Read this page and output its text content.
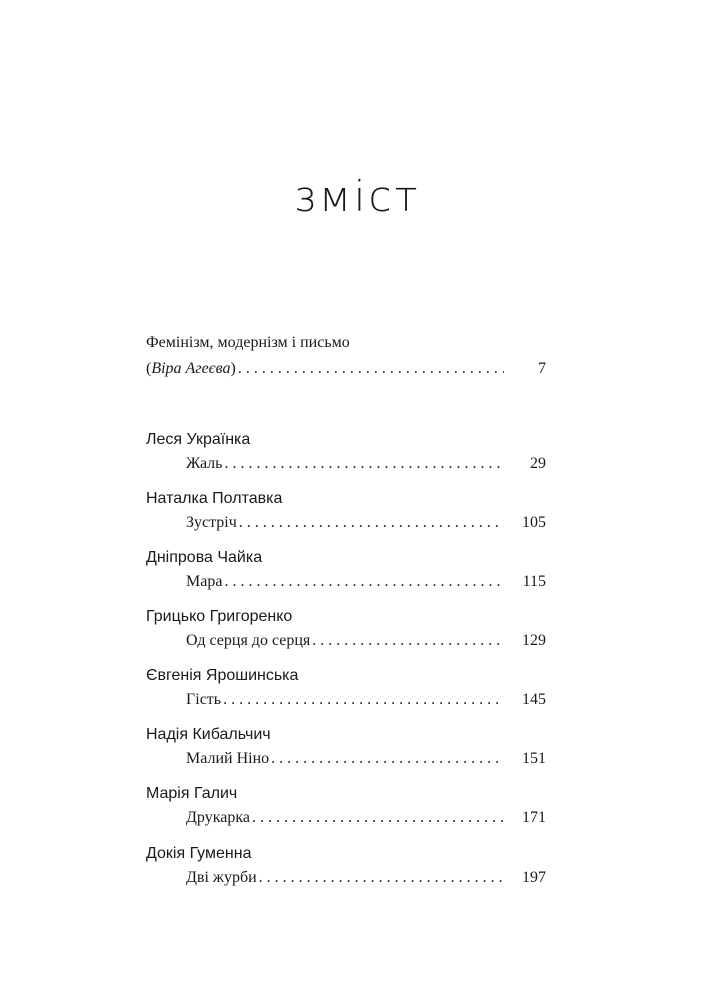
зміст
Фемінізм, модернізм і письмо
(Віра Агеєва) . . .	7
Леся Українка
Жаль . . .	29
Наталка Полтавка
Зустріч . . .	105
Дніпрова Чайка
Мара . . .	115
Грицько Григоренко
Од серця до серця . . .	129
Євгенія Ярошинська
Гість . . .	145
Надія Кибальчич
Малий Ніно . . .	151
Марія Галич
Друкарка . . .	171
Докія Гуменна
Дві журби . . .	197
